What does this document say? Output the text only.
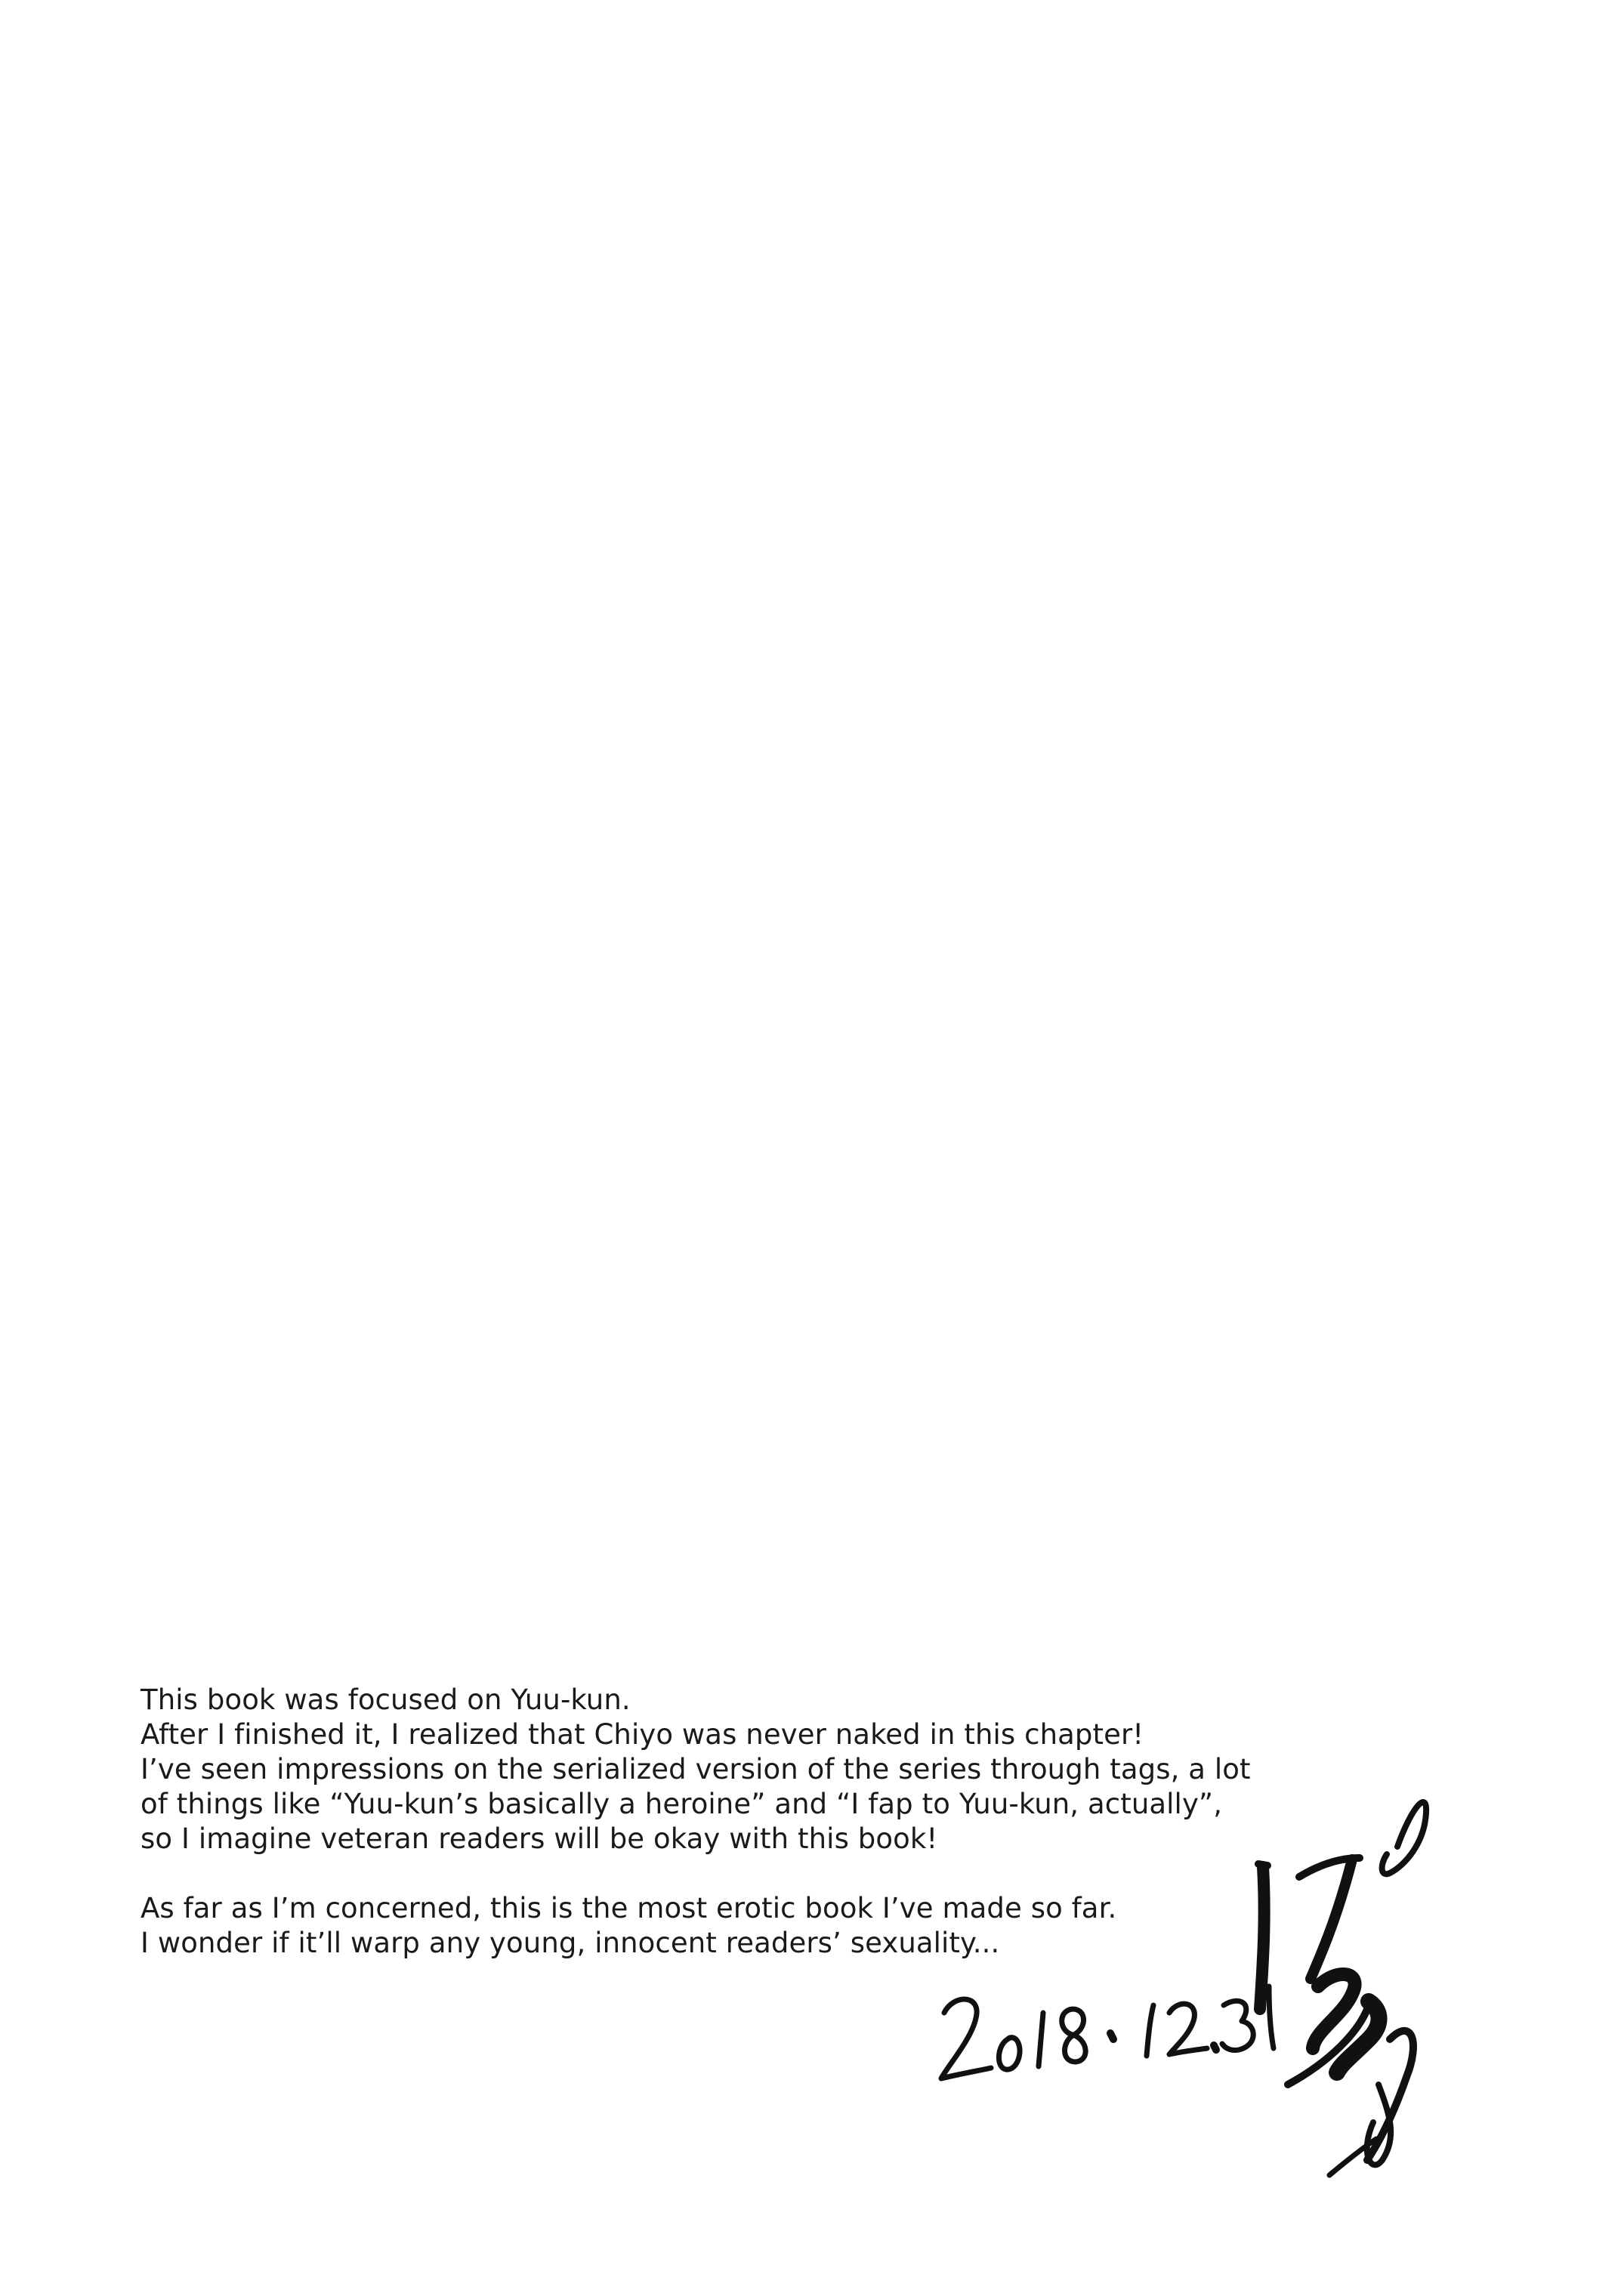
This book was focused on Yuu-kun.

After I finished it, I realized that Chiyo was never naked in this chapter!

I’ve seen impressions on the serialized version of the series through tags, a lot

of things like “Yuu-kun’s basically a heroine” and “I fap to Yuu-kun, actually”,

so I imagine veteran readers will be okay with this book!

As far as I’m concerned, this is the most erotic book I’ve made so far.

I wonder if it’ll warp any young, innocent readers’ sexuality...
